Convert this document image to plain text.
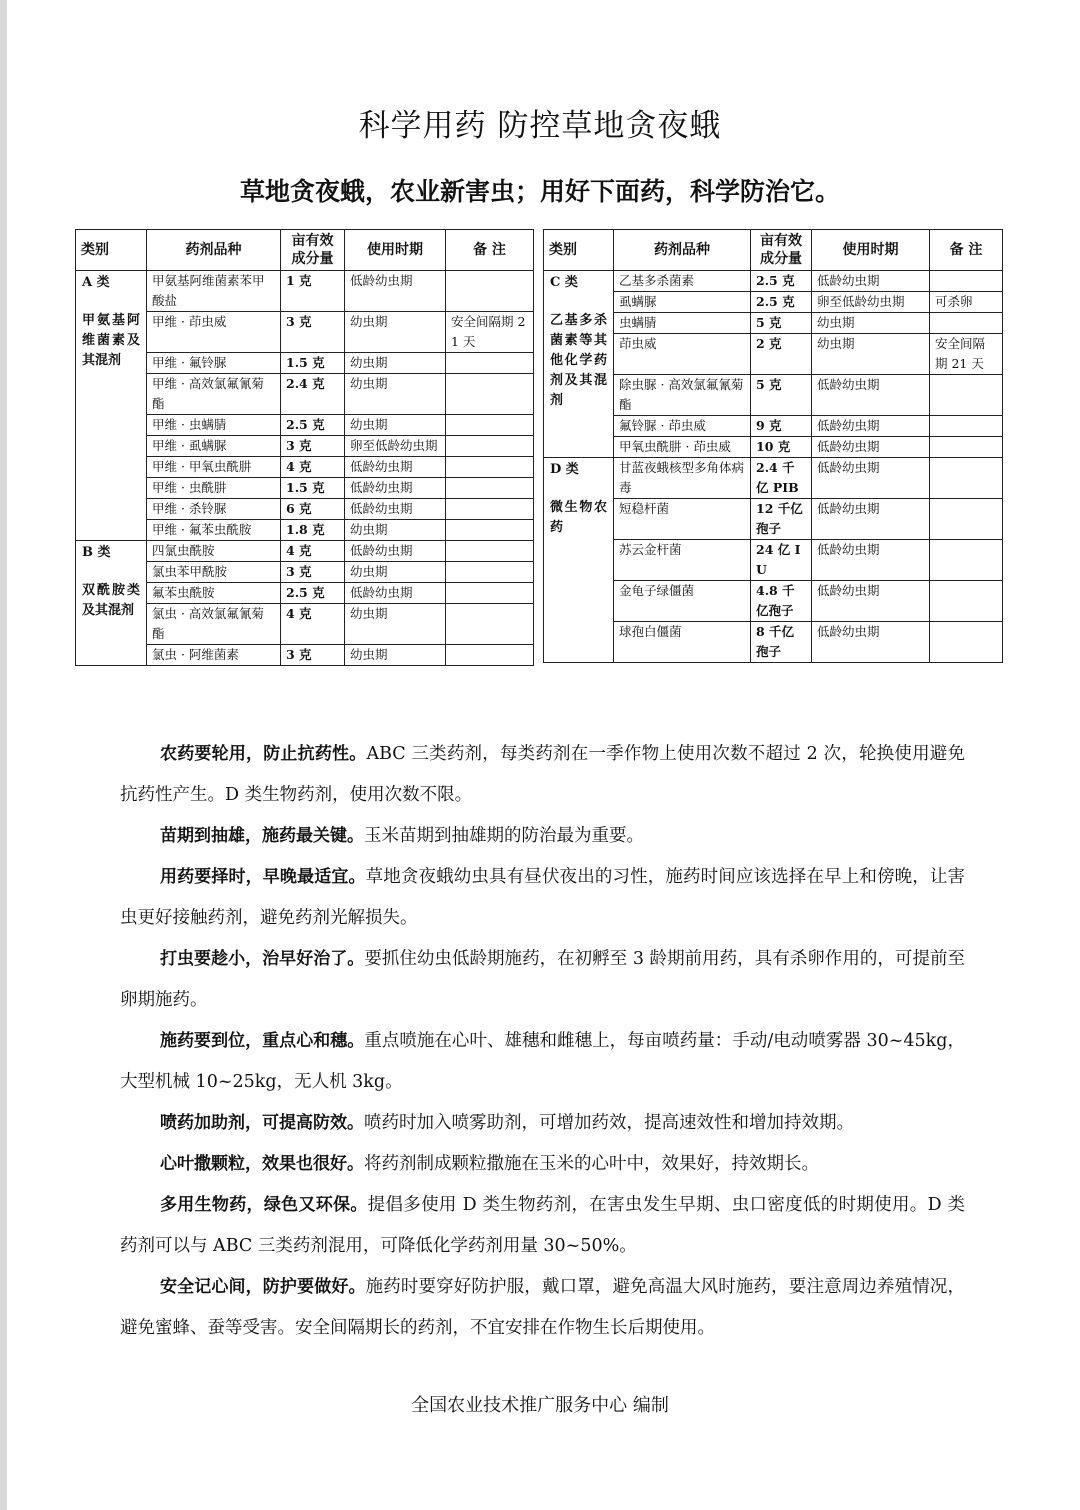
科学用药 防控草地贪夜蛾
草地贪夜蛾，农业新害虫；用好下面药，科学防治它。
类别	药剂品种	亩有效成分量	使用时期	备 注

A 类
甲氨基阿维菌素及其混剂	甲氨基阿维菌素苯甲酸盐	1 克	低龄幼虫期	
	甲维 · 茚虫威	3 克	幼虫期	安全间隔期 21 天
	甲维 · 氟铃脲	1.5 克	幼虫期	
	甲维 · 高效氯氟氰菊酯	2.4 克	幼虫期	
	甲维 · 虫螨腈	2.5 克	幼虫期	
	甲维 · 虱螨脲	3 克	卵至低龄幼虫期	
	甲维 · 甲氧虫酰肼	4 克	低龄幼虫期	
	甲维 · 虫酰肼	1.5 克	低龄幼虫期	
	甲维 · 杀铃脲	6 克	低龄幼虫期	
	甲维 · 氟苯虫酰胺	1.8 克	幼虫期	

B 类
双酰胺类及其混剂	四氯虫酰胺	4 克	低龄幼虫期	
	氯虫苯甲酰胺	3 克	幼虫期	
	氟苯虫酰胺	2.5 克	低龄幼虫期	
	氯虫 · 高效氯氟氰菊酯	4 克	幼虫期	
	氯虫 · 阿维菌素	3 克	幼虫期	
类别	药剂品种	亩有效成分量	使用时期	备 注

C 类
乙基多杀菌素等其他化学药剂及其混剂	乙基多杀菌素	2.5 克	低龄幼虫期	
	虱螨脲	2.5 克	卵至低龄幼虫期	可杀卵
	虫螨腈	5 克	幼虫期	
	茚虫威	2 克	幼虫期	安全间隔期 21 天
	除虫脲 · 高效氯氟氰菊酯	5 克	低龄幼虫期	
	氟铃脲 · 茚虫威	9 克	低龄幼虫期	
	甲氧虫酰肼 · 茚虫威	10 克	低龄幼虫期	

D 类
微生物农药	甘蓝夜蛾核型多角体病毒	2.4 千亿 PIB	低龄幼虫期	
	短稳杆菌	12 千亿孢子	低龄幼虫期	
	苏云金杆菌	24 亿 IU	低龄幼虫期	
	金龟子绿僵菌	4.8 千亿孢子	低龄幼虫期	
	球孢白僵菌	8 千亿孢子	低龄幼虫期	

农药要轮用，防止抗药性。ABC 三类药剂，每类药剂在一季作物上使用次数不超过 2 次，轮换使用避免抗药性产生。D 类生物药剂，使用次数不限。

苗期到抽雄，施药最关键。玉米苗期到抽雄期的防治最为重要。

用药要择时，早晚最适宜。草地贪夜蛾幼虫具有昼伏夜出的习性，施药时间应该选择在早上和傍晚，让害虫更好接触药剂，避免药剂光解损失。

打虫要趁小，治早好治了。要抓住幼虫低龄期施药，在初孵至 3 龄期前用药，具有杀卵作用的，可提前至卵期施药。

施药要到位，重点心和穗。重点喷施在心叶、雄穗和雌穗上，每亩喷药量：手动/电动喷雾器 30~45kg，大型机械 10~25kg，无人机 3kg。

喷药加助剂，可提高防效。喷药时加入喷雾助剂，可增加药效，提高速效性和增加持效期。

心叶撒颗粒，效果也很好。将药剂制成颗粒撒施在玉米的心叶中，效果好，持效期长。

多用生物药，绿色又环保。提倡多使用 D 类生物药剂，在害虫发生早期、虫口密度低的时期使用。D 类药剂可以与 ABC 三类药剂混用，可降低化学药剂用量 30~50%。

安全记心间，防护要做好。施药时要穿好防护服，戴口罩，避免高温大风时施药，要注意周边养殖情况，避免蜜蜂、蚕等受害。安全间隔期长的药剂，不宜安排在作物生长后期使用。

全国农业技术推广服务中心 编制
